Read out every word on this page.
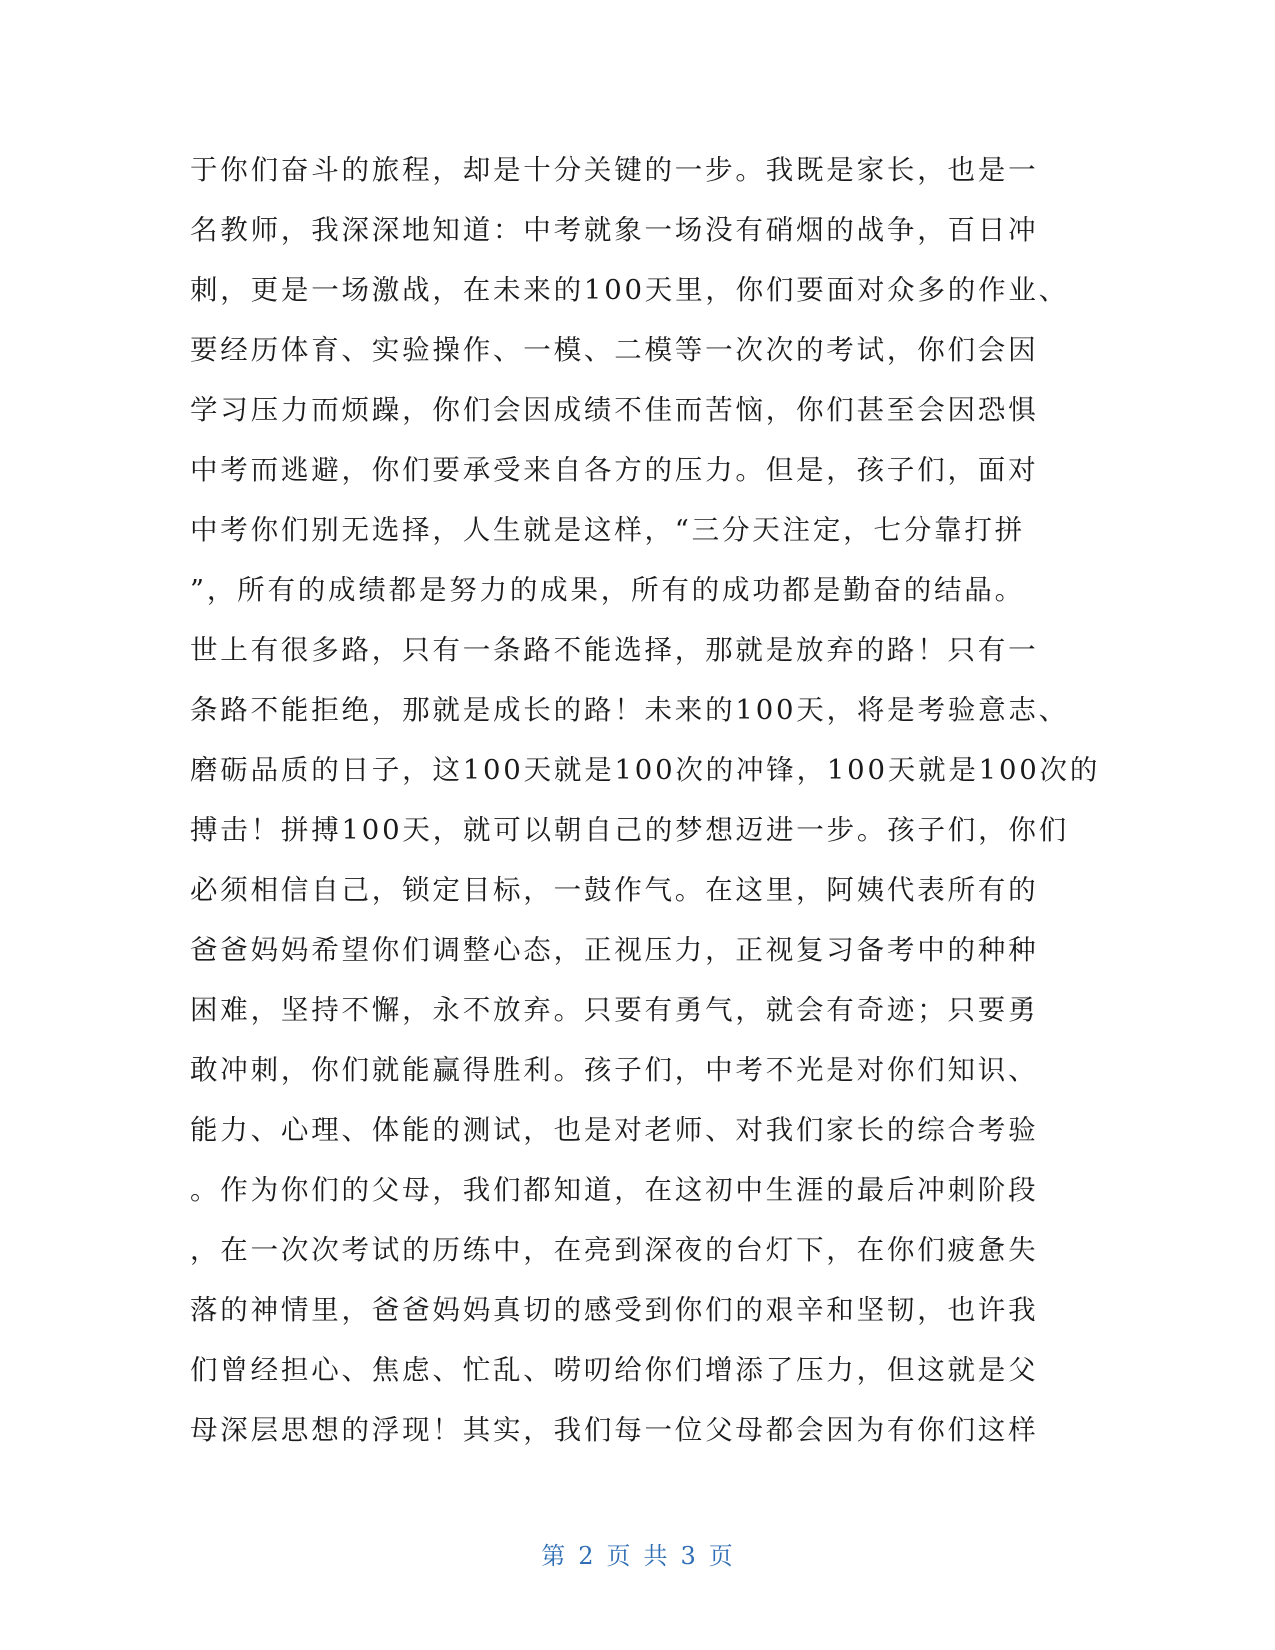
于你们奋斗的旅程，却是十分关键的一步。我既是家长，也是一
名教师，我深深地知道：中考就象一场没有硝烟的战争，百日冲
刺，更是一场激战，在未来的100天里，你们要面对众多的作业、
要经历体育、实验操作、一模、二模等一次次的考试，你们会因
学习压力而烦躁，你们会因成绩不佳而苦恼，你们甚至会因恐惧
中考而逃避，你们要承受来自各方的压力。但是，孩子们，面对
中考你们别无选择，人生就是这样，“三分天注定，七分靠打拼
”，所有的成绩都是努力的成果，所有的成功都是勤奋的结晶。
世上有很多路，只有一条路不能选择，那就是放弃的路！只有一
条路不能拒绝，那就是成长的路！未来的100天，将是考验意志、
磨砺品质的日子，这100天就是100次的冲锋，100天就是100次的
搏击！拼搏100天，就可以朝自己的梦想迈进一步。孩子们，你们
必须相信自己，锁定目标，一鼓作气。在这里，阿姨代表所有的
爸爸妈妈希望你们调整心态，正视压力，正视复习备考中的种种
困难，坚持不懈，永不放弃。只要有勇气，就会有奇迹；只要勇
敢冲刺，你们就能赢得胜利。孩子们，中考不光是对你们知识、
能力、心理、体能的测试，也是对老师、对我们家长的综合考验
。作为你们的父母，我们都知道，在这初中生涯的最后冲刺阶段
，在一次次考试的历练中，在亮到深夜的台灯下，在你们疲惫失
落的神情里，爸爸妈妈真切的感受到你们的艰辛和坚韧，也许我
们曾经担心、焦虑、忙乱、唠叨给你们增添了压力，但这就是父
母深层思想的浮现！其实，我们每一位父母都会因为有你们这样
第 2 页 共 3 页
